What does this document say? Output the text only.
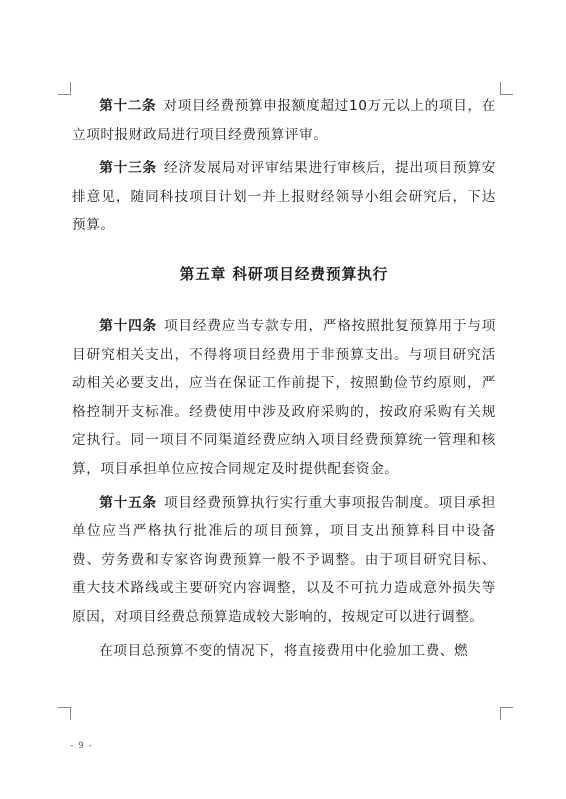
第十二条 对项目经费预算申报额度超过10万元以上的项目，在立项时报财政局进行项目经费预算评审。

第十三条 经济发展局对评审结果进行审核后，提出项目预算安排意见，随同科技项目计划一并上报财经领导小组会研究后，下达预算。

第五章 科研项目经费预算执行

第十四条 项目经费应当专款专用，严格按照批复预算用于与项目研究相关支出，不得将项目经费用于非预算支出。与项目研究活动相关必要支出，应当在保证工作前提下，按照勤俭节约原则，严格控制开支标准。经费使用中涉及政府采购的，按政府采购有关规定执行。同一项目不同渠道经费应纳入项目经费预算统一管理和核算，项目承担单位应按合同规定及时提供配套资金。

第十五条 项目经费预算执行实行重大事项报告制度。项目承担单位应当严格执行批准后的项目预算，项目支出预算科目中设备费、劳务费和专家咨询费预算一般不予调整。由于项目研究目标、重大技术路线或主要研究内容调整，以及不可抗力造成意外损失等原因，对项目经费总预算造成较大影响的，按规定可以进行调整。

在项目总预算不变的情况下，将直接费用中化验加工费、燃

- 9 -
